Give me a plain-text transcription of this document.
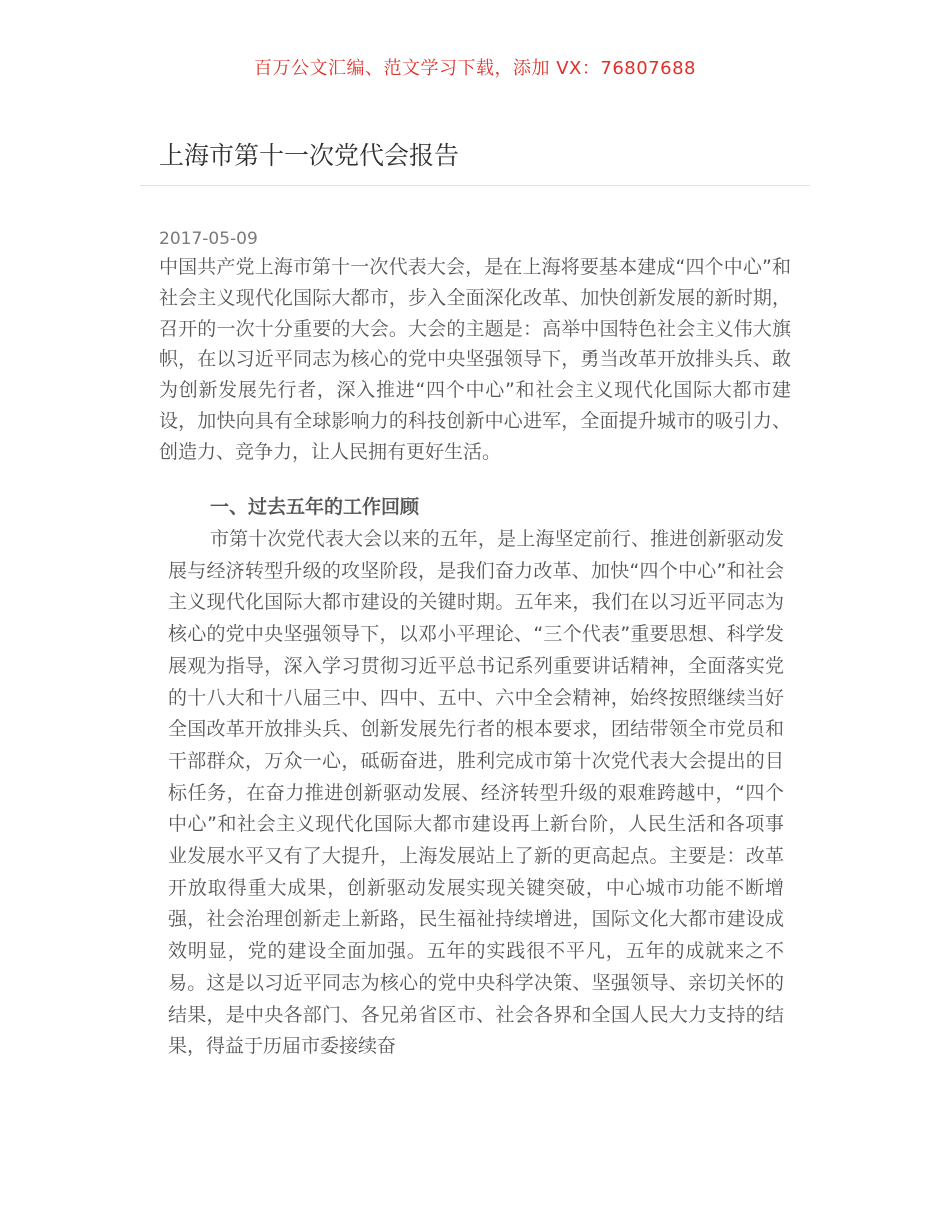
百万公文汇编、范文学习下载，添加 VX：76807688
上海市第十一次党代会报告
2017-05-09

中国共产党上海市第十一次代表大会，是在上海将要基本建成“四个中心”和社会主义现代化国际大都市，步入全面深化改革、加快创新发展的新时期，召开的一次十分重要的大会。大会的主题是：高举中国特色社会主义伟大旗帜，在以习近平同志为核心的党中央坚强领导下，勇当改革开放排头兵、敢为创新发展先行者，深入推进“四个中心”和社会主义现代化国际大都市建设，加快向具有全球影响力的科技创新中心进军，全面提升城市的吸引力、创造力、竞争力，让人民拥有更好生活。

一、过去五年的工作回顾

市第十次党代表大会以来的五年，是上海坚定前行、推进创新驱动发展与经济转型升级的攻坚阶段，是我们奋力改革、加快“四个中心”和社会主义现代化国际大都市建设的关键时期。五年来，我们在以习近平同志为核心的党中央坚强领导下，以邓小平理论、“三个代表”重要思想、科学发展观为指导，深入学习贯彻习近平总书记系列重要讲话精神，全面落实党的十八大和十八届三中、四中、五中、六中全会精神，始终按照继续当好全国改革开放排头兵、创新发展先行者的根本要求，团结带领全市党员和干部群众，万众一心，砥砺奋进，胜利完成市第十次党代表大会提出的目标任务，在奋力推进创新驱动发展、经济转型升级的艰难跨越中，“四个中心”和社会主义现代化国际大都市建设再上新台阶，人民生活和各项事业发展水平又有了大提升，上海发展站上了新的更高起点。主要是：改革开放取得重大成果，创新驱动发展实现关键突破，中心城市功能不断增强，社会治理创新走上新路，民生福祉持续增进，国际文化大都市建设成效明显，党的建设全面加强。五年的实践很不平凡，五年的成就来之不易。这是以习近平同志为核心的党中央科学决策、坚强领导、亲切关怀的结果，是中央各部门、各兄弟省区市、社会各界和全国人民大力支持的结果，得益于历届市委接续奋
